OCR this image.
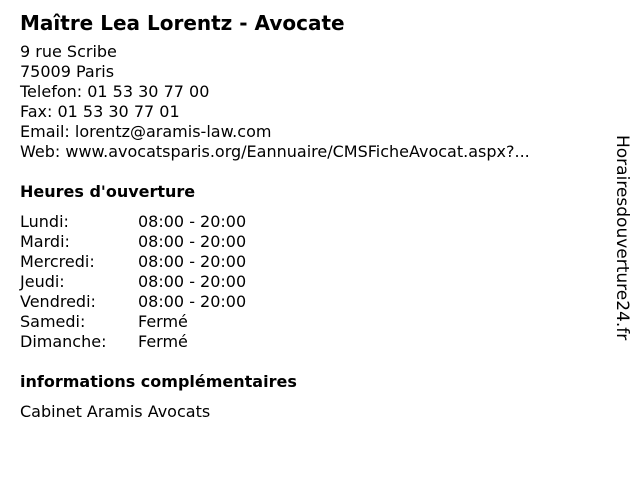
Maître Lea Lorentz - Avocate
9 rue Scribe
75009 Paris
Telefon: 01 53 30 77 00
Fax: 01 53 30 77 01
Email: lorentz@aramis-law.com
Web: www.avocatsparis.org/Eannuaire/CMSFicheAvocat.aspx?...
Heures d'ouverture
Lundi:	08:00 - 20:00
Mardi:	08:00 - 20:00
Mercredi:	08:00 - 20:00
Jeudi:	08:00 - 20:00
Vendredi:	08:00 - 20:00
Samedi:	Fermé
Dimanche:	Fermé
informations complémentaires
Cabinet Aramis Avocats
Horairesdouverture24.fr
